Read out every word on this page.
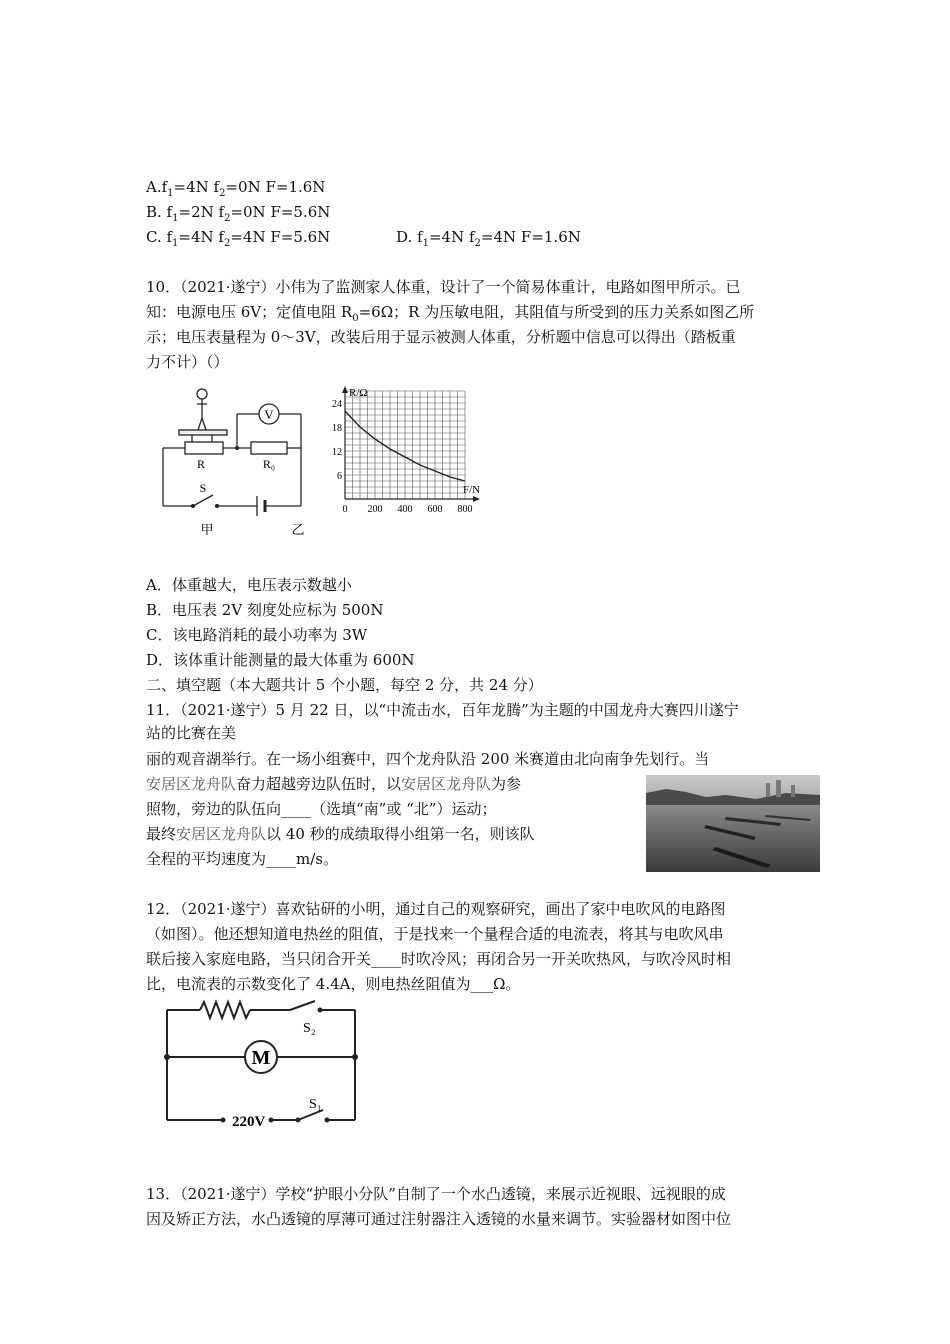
$A.f_1=4N$ $f_2=0N$ F=1.6N
B. $f_1=2N$ $f_2=0N$ F=5.6N
C. $f_1=4N$ $f_2=4N$ F=5.6N	D. $f_1=4N$ $f_2=4N$ F=1.6N
10．（2021·遂宁）小伟为了监测家人体重，设计了一个简易体重计，电路如图甲所示。已
知：电源电压 6V；定值电阻 $R_0=6\Omega$；R 为压敏电阻，其阻值与所受到的压力关系如图乙所
示；电压表量程为 0～3V，改装后用于显示被测人体重，分析题中信息可以得出（踏板重
力不计）（）
V
R	R₀
S
甲	乙
R/Ω
F/N
24
18
12
6
0 200 400 600 800
A．体重越大，电压表示数越小
B．电压表 2V 刻度处应标为 500N
C．该电路消耗的最小功率为 3W
D．该体重计能测量的最大体重为 600N
二、填空题（本大题共计 5 个小题，每空 2 分，共 24 分）
11．（2021·遂宁）5 月 22 日，以“中流击水，百年龙腾”为主题的中国龙舟大赛四川遂宁
站的比赛在美
丽的观音湖举行。在一场小组赛中，四个龙舟队沿 200 米赛道由北向南争先划行。当
安居区龙舟队奋力超越旁边队伍时，以安居区龙舟队为参
照物，旁边的队伍向____（选填“南”或 “北”）运动；
最终安居区龙舟队以 40 秒的成绩取得小组第一名，则该队
全程的平均速度为____m/s。
12．（2021·遂宁）喜欢钻研的小明，通过自己的观察研究，画出了家中电吹风的电路图
（如图）。他还想知道电热丝的阻值，于是找来一个量程合适的电流表，将其与电吹风串
联后接入家庭电路，当只闭合开关____时吹冷风；再闭合另一开关吹热风，与吹冷风时相
比，电流表的示数变化了 4.4A，则电热丝阻值为___Ω。
M
S₂
S₁
220V
13．（2021·遂宁）学校“护眼小分队”自制了一个水凸透镜，来展示近视眼、远视眼的成
因及矫正方法，水凸透镜的厚薄可通过注射器注入透镜的水量来调节。实验器材如图中位
